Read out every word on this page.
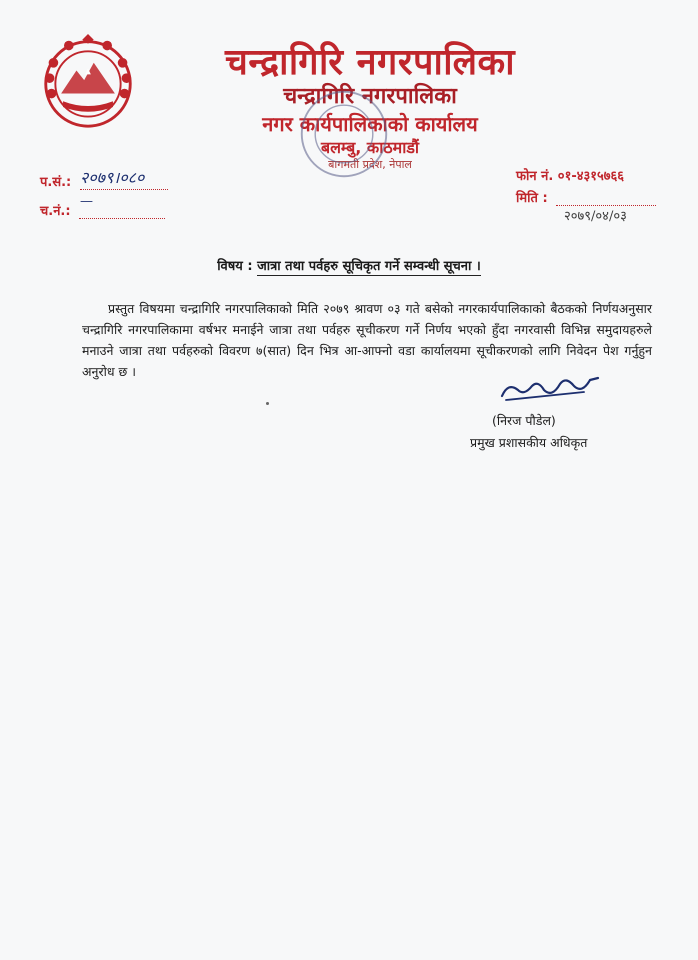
चन्द्रागिरि नगरपालिका
चन्द्रागिरि नगरपालिका
नगर कार्यपालिकाको कार्यालय
बलम्बु, काठमाडौं
बागमती प्रदेश, नेपाल
प.सं.: २०७९।०८०
च.नं.:
—
फोन नं. ०१-४३१५७६६
मिति :
२०७९/०४/०३
विषय : जात्रा तथा पर्वहरु सूचिकृत गर्ने सम्वन्धी सूचना ।
प्रस्तुत विषयमा चन्द्रागिरि नगरपालिकाको मिति २०७९ श्रावण ०३ गते बसेको नगरकार्यपालिकाको बैठकको निर्णयअनुसार चन्द्रागिरि नगरपालिकामा वर्षभर मनाईने जात्रा तथा पर्वहरु सूचीकरण गर्ने निर्णय भएको हुँदा नगरवासी विभिन्न समुदायहरुले मनाउने जात्रा तथा पर्वहरुको विवरण ७(सात) दिन भित्र आ-आफ्नो वडा कार्यालयमा सूचीकरणको लागि निवेदन पेश गर्नुहुन अनुरोध छ ।
(निरज पौडेल)
प्रमुख प्रशासकीय अधिकृत
